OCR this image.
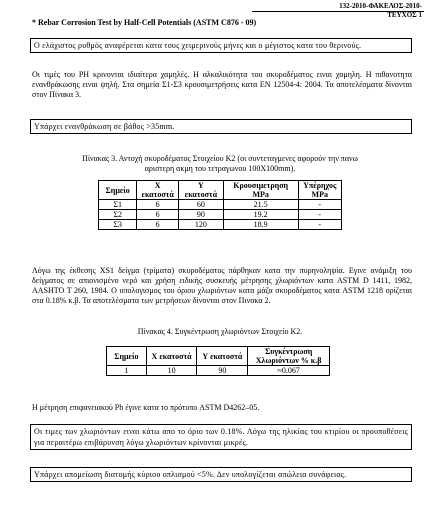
132-2010-ΦΑΚΕΛΟΣ-2010-ΤΕΥΧΟΣ 1
* Rebar Corrosion Test by Half-Cell Potentials (ASTM C876 - 09)
Ο ελάχιστος ρυθμός αναφέρεται κατα τους χειμερινούς μήνες και ο μέγιστος κατα του θερινούς.
Οι τιμές του PH κρινονται ιδιαίτερα χαμηλές. Η αλκαλικότητα του σκυροδέματος ειναι χαμηλη. Η πιθανοτητα ενανθράκωσης ειναι ψηλή. Στα σημεία Σ1-Σ3 κρουσιμετρήσεις κατα ΕΝ 12504-4: 2004. Τα αποτελέσματα δίνονται στον Πίνακα 3.
Υπάρχει ενανθράκωση σε βάθος >35mm.
Πίνακας 3. Αντοχή σκυροδέματος Στοιχείου Κ2 (οι συντεταγμενες αφορούν την πανω αριστερη ακμη του τετραγωνου 100Χ100mm).
Σημείο	Χ εκατοστά	Υ εκατοστά	Κρουσιμετρηση MPa	Υπέρηχος MPa
Σ1	6	60	21.5	-
Σ2	6	90	19.2	-
Σ3	6	120	18.9	-
Λόγω της έκθεσης XS1 δείγμα (τρίματα) σκυροδέματος πάρθηκαν κατα την πυρηνοληψία. Εγινε ανάμιξη του δείγματος σε απιονισμένο νερό και χρήση ειδικής συσκευής μέτρησης χλωριόντων κατα ASTM D 1411, 1982, AASHTO T 260, 1984. Ο υπολογισμος του όριου χλωριόντων κατα μάζα σκυροδέματος κατα ASTM 1218 ορίζεται στα 0.18% κ.β. Τα αποτελέσματα των μετρήσεων δίνονται στον Πινακα 2.
Πίνακας 4. Συγκέντρωση χλωριόντων Στοιχείο Κ2.
Σημείο	Χ εκατοστά	Υ εκατοστά	Συγκέντρωση Χλωριόντων % κ.β
1	10	90	≈0.067
Η μέτρηση επιφανειακού Ph έγινε κατα το πρότυπο ASTM D4262–05.
Οι τιμες των χλωριόντων ειναι κάτω απο το όριο των 0.18%. Λόγω της ηλικίας του κτιρίου οι προυποθέσεις για περαιτέρω επιβάρυνση λόγω χλωριόντων κρίνονται μικρές.
Υπάρχει απομείωση διατομής κύριου οπλισμού <5%. Δεν υπολογίζεται απώλεια συνάφειας.
